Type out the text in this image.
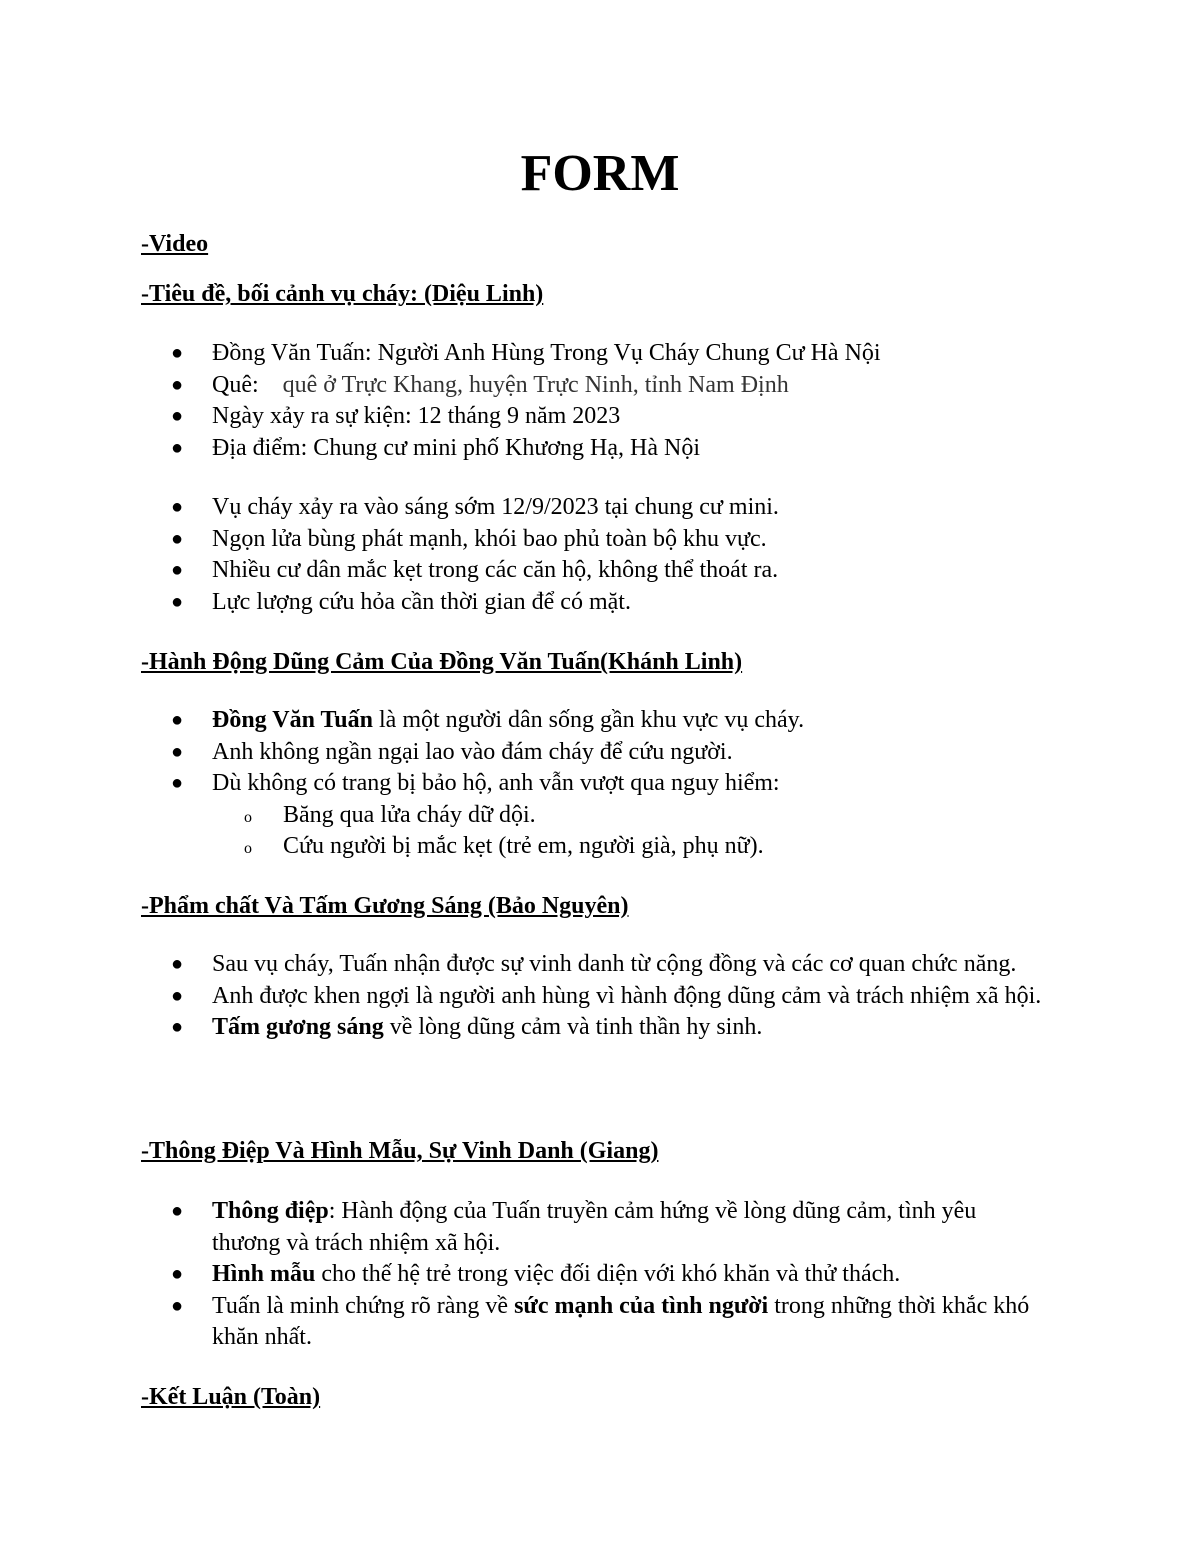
FORM

-Video

-Tiêu đề, bối cảnh vụ cháy: (Diệu Linh)

● Đồng Văn Tuấn: Người Anh Hùng Trong Vụ Cháy Chung Cư Hà Nội
● Quê: quê ở Trực Khang, huyện Trực Ninh, tỉnh Nam Định
● Ngày xảy ra sự kiện: 12 tháng 9 năm 2023
● Địa điểm: Chung cư mini phố Khương Hạ, Hà Nội
● Vụ cháy xảy ra vào sáng sớm 12/9/2023 tại chung cư mini.
● Ngọn lửa bùng phát mạnh, khói bao phủ toàn bộ khu vực.
● Nhiều cư dân mắc kẹt trong các căn hộ, không thể thoát ra.
● Lực lượng cứu hỏa cần thời gian để có mặt.

-Hành Động Dũng Cảm Của Đồng Văn Tuấn(Khánh Linh)

● Đồng Văn Tuấn là một người dân sống gần khu vực vụ cháy.
● Anh không ngần ngại lao vào đám cháy để cứu người.
● Dù không có trang bị bảo hộ, anh vẫn vượt qua nguy hiểm:
o Băng qua lửa cháy dữ dội.
o Cứu người bị mắc kẹt (trẻ em, người già, phụ nữ).

-Phẩm chất Và Tấm Gương Sáng (Bảo Nguyên)

● Sau vụ cháy, Tuấn nhận được sự vinh danh từ cộng đồng và các cơ quan chức năng.
● Anh được khen ngợi là người anh hùng vì hành động dũng cảm và trách nhiệm xã hội.
● Tấm gương sáng về lòng dũng cảm và tinh thần hy sinh.

-Thông Điệp Và Hình Mẫu, Sự Vinh Danh (Giang)

● Thông điệp: Hành động của Tuấn truyền cảm hứng về lòng dũng cảm, tình yêu thương và trách nhiệm xã hội.
● Hình mẫu cho thế hệ trẻ trong việc đối diện với khó khăn và thử thách.
● Tuấn là minh chứng rõ ràng về sức mạnh của tình người trong những thời khắc khó khăn nhất.

-Kết Luận (Toàn)
